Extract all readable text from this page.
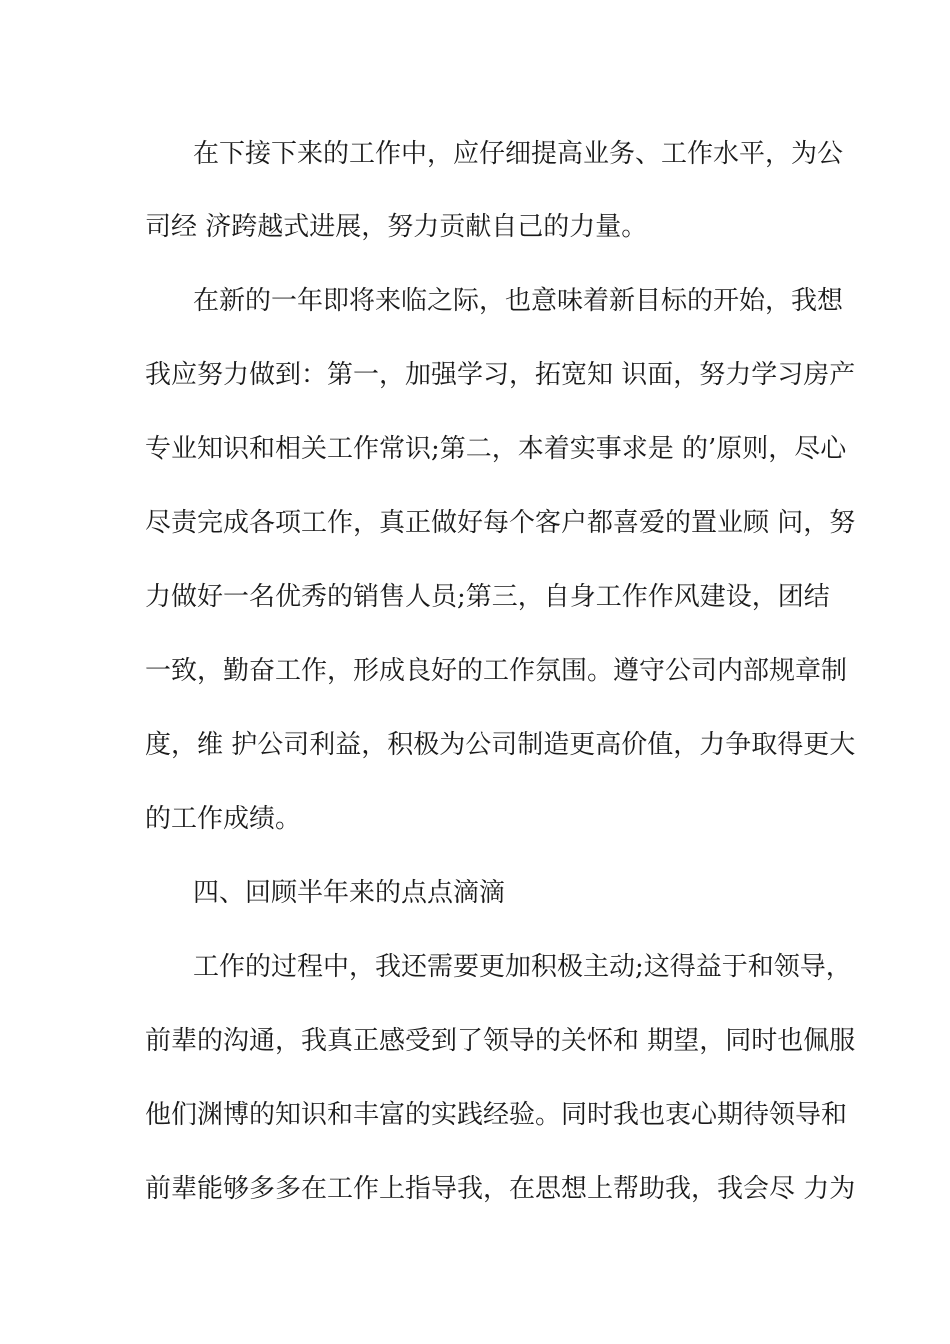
在下接下来的工作中，应仔细提高业务、工作水平，为公
司经 济跨越式进展，努力贡献自己的力量。
在新的一年即将来临之际，也意味着新目标的开始，我想
我应努力做到：第一，加强学习，拓宽知 识面，努力学习房产
专业知识和相关工作常识;第二，本着实事求是 的’原则，尽心
尽责完成各项工作，真正做好每个客户都喜爱的置业顾 问，努
力做好一名优秀的销售人员;第三，自身工作作风建设，团结
一致，勤奋工作，形成良好的工作氛围。遵守公司内部规章制
度，维 护公司利益，积极为公司制造更高价值，力争取得更大
的工作成绩。
四、回顾半年来的点点滴滴
工作的过程中，我还需要更加积极主动;这得益于和领导，
前辈的沟通，我真正感受到了领导的关怀和 期望，同时也佩服
他们渊博的知识和丰富的实践经验。同时我也衷心期待领导和
前辈能够多多在工作上指导我，在思想上帮助我，我会尽 力为
